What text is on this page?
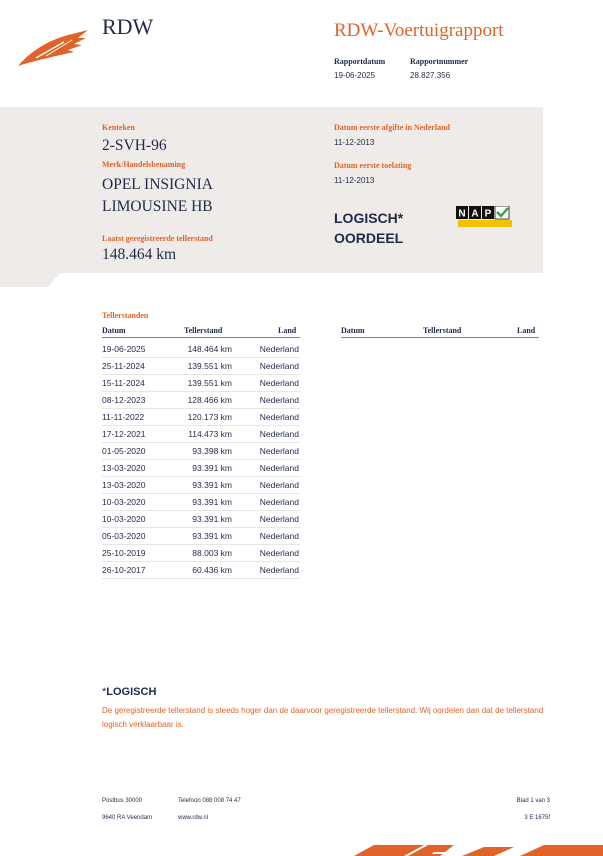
RDW	RDW-Voertuigrapport
Rapportdatum	Rapportnummer
19-06-2025	28.827.356
Kenteken
2-SVH-96
Merk/Handelsbenaming
OPEL INSIGNIA
LIMOUSINE HB
Laatst geregistreerde tellerstand
148.464 km
Datum eerste afgifte in Nederland
11-12-2013
Datum eerste toelating
11-12-2013
LOGISCH*
OORDEEL
N A P
Tellerstanden
Datum	Tellerstand	Land	Datum	Tellerstand	Land
19-06-2025	148.464 km	Nederland
25-11-2024	139.551 km	Nederland
15-11-2024	139.551 km	Nederland
08-12-2023	128.466 km	Nederland
11-11-2022	120.173 km	Nederland
17-12-2021	114.473 km	Nederland
01-05-2020	93.398 km	Nederland
13-03-2020	93.391 km	Nederland
13-03-2020	93.391 km	Nederland
10-03-2020	93.391 km	Nederland
10-03-2020	93.391 km	Nederland
05-03-2020	93.391 km	Nederland
25-10-2019	88.003 km	Nederland
26-10-2017	60.436 km	Nederland
*LOGISCH
De geregistreerde tellerstand is steeds hoger dan de daarvoor geregistreerde tellerstand. Wij oordelen dan dat de tellerstand logisch verklaarbaar is.
Postbus 30000
9640 RA Veendam
Telefoon 088 008 74 47
www.rdw.nl
Blad 1 van 3
3 E 1675f
